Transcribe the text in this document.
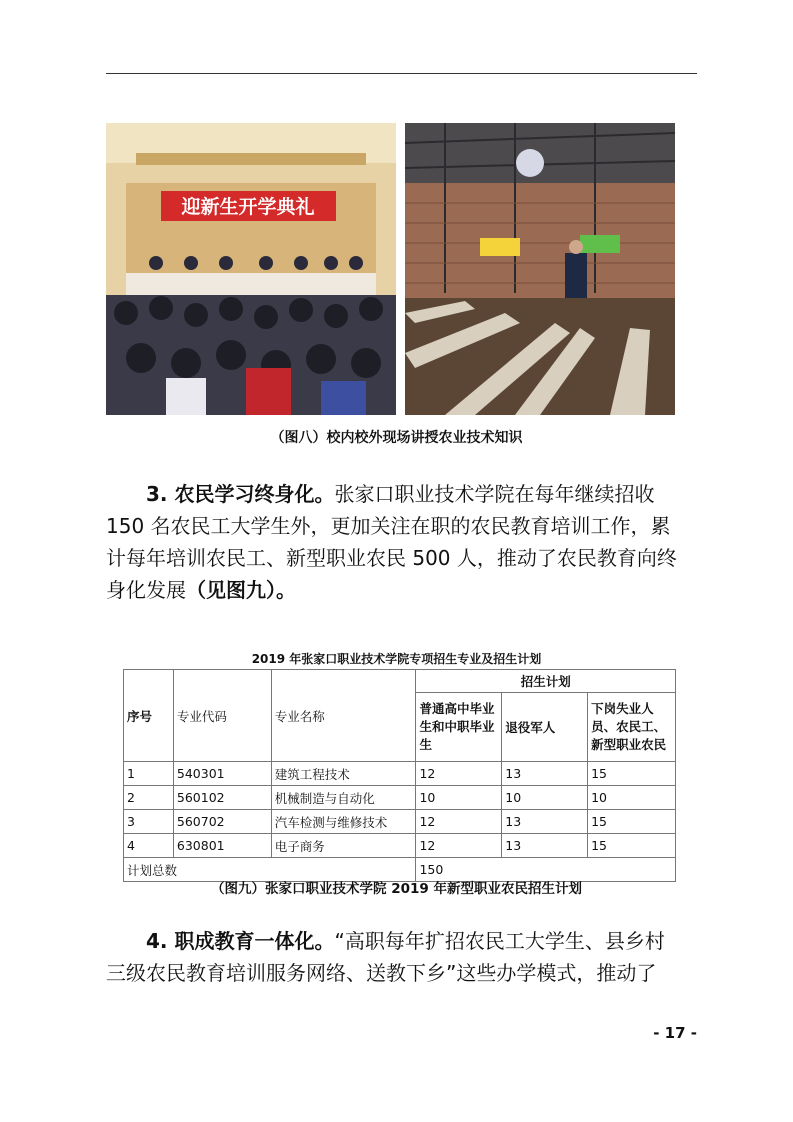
迎新生开学典礼
（图八）校内校外现场讲授农业技术知识
3. 农民学习终身化。张家口职业技术学院在每年继续招收
150 名农民工大学生外，更加关注在职的农民教育培训工作，累
计每年培训农民工、新型职业农民 500 人，推动了农民教育向终
身化发展（见图九）。
2019 年张家口职业技术学院专项招生专业及招生计划
序号	专业代码	专业名称	招生计划		
			普通高中毕业生和中职毕业生	退役军人	下岗失业人员、农民工、新型职业农民
1	540301	建筑工程技术	12	13	15
2	560102	机械制造与自动化	10	10	10
3	560702	汽车检测与维修技术	12	13	15
4	630801	电子商务	12	13	15
计划总数			150		
（图九）张家口职业技术学院 2019 年新型职业农民招生计划
4. 职成教育一体化。“高职每年扩招农民工大学生、县乡村
三级农民教育培训服务网络、送教下乡”这些办学模式，推动了
- 17 -
